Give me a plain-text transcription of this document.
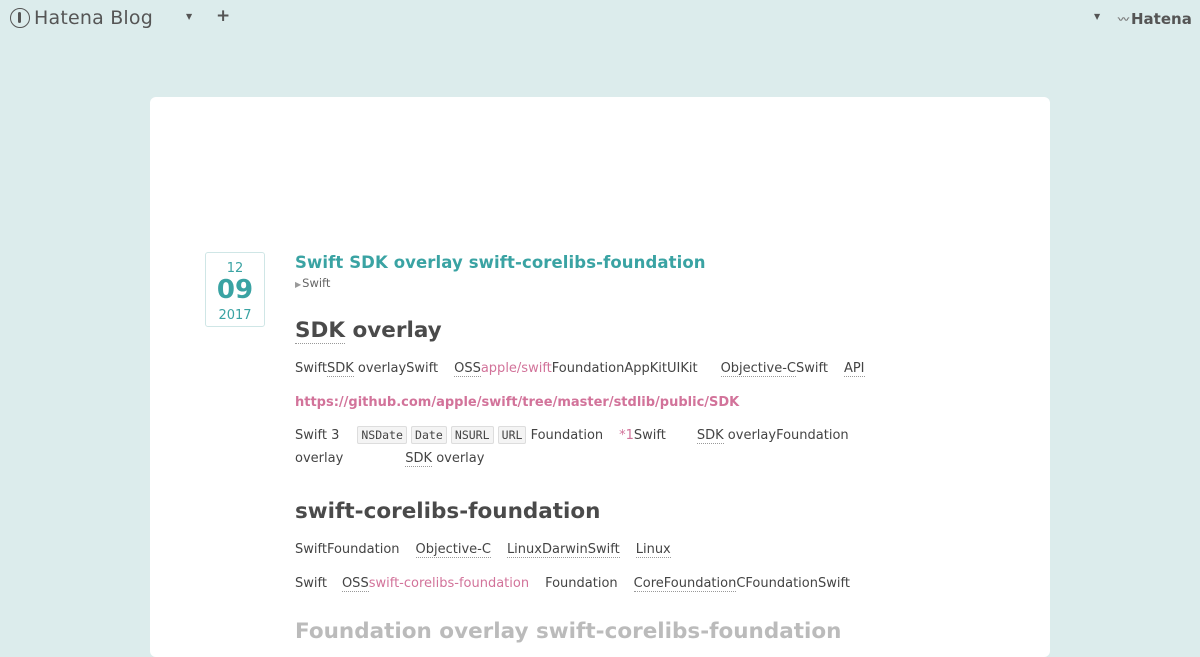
Hatena Blog	▼ +	▼ 〰 Hatena
12
09
2017
Swift SDK overlay swift-corelibs-foundation
▶Swift
SDK overlay
SwiftSDK overlaySwift OSSapple/swiftFoundationAppKitUIKit Objective-CSwift API
https://github.com/apple/swift/tree/master/stdlib/public/SDK
Swift 3 NSDate Date NSURL URL Foundation *1Swift SDK overlayFoundation
overlay	SDK overlay
swift-corelibs-foundation
SwiftFoundation Objective-C LinuxDarwinSwift Linux
Swift OSSswift-corelibs-foundation Foundation CoreFoundationCFoundationSwift
Foundation overlay swift-corelibs-foundation
